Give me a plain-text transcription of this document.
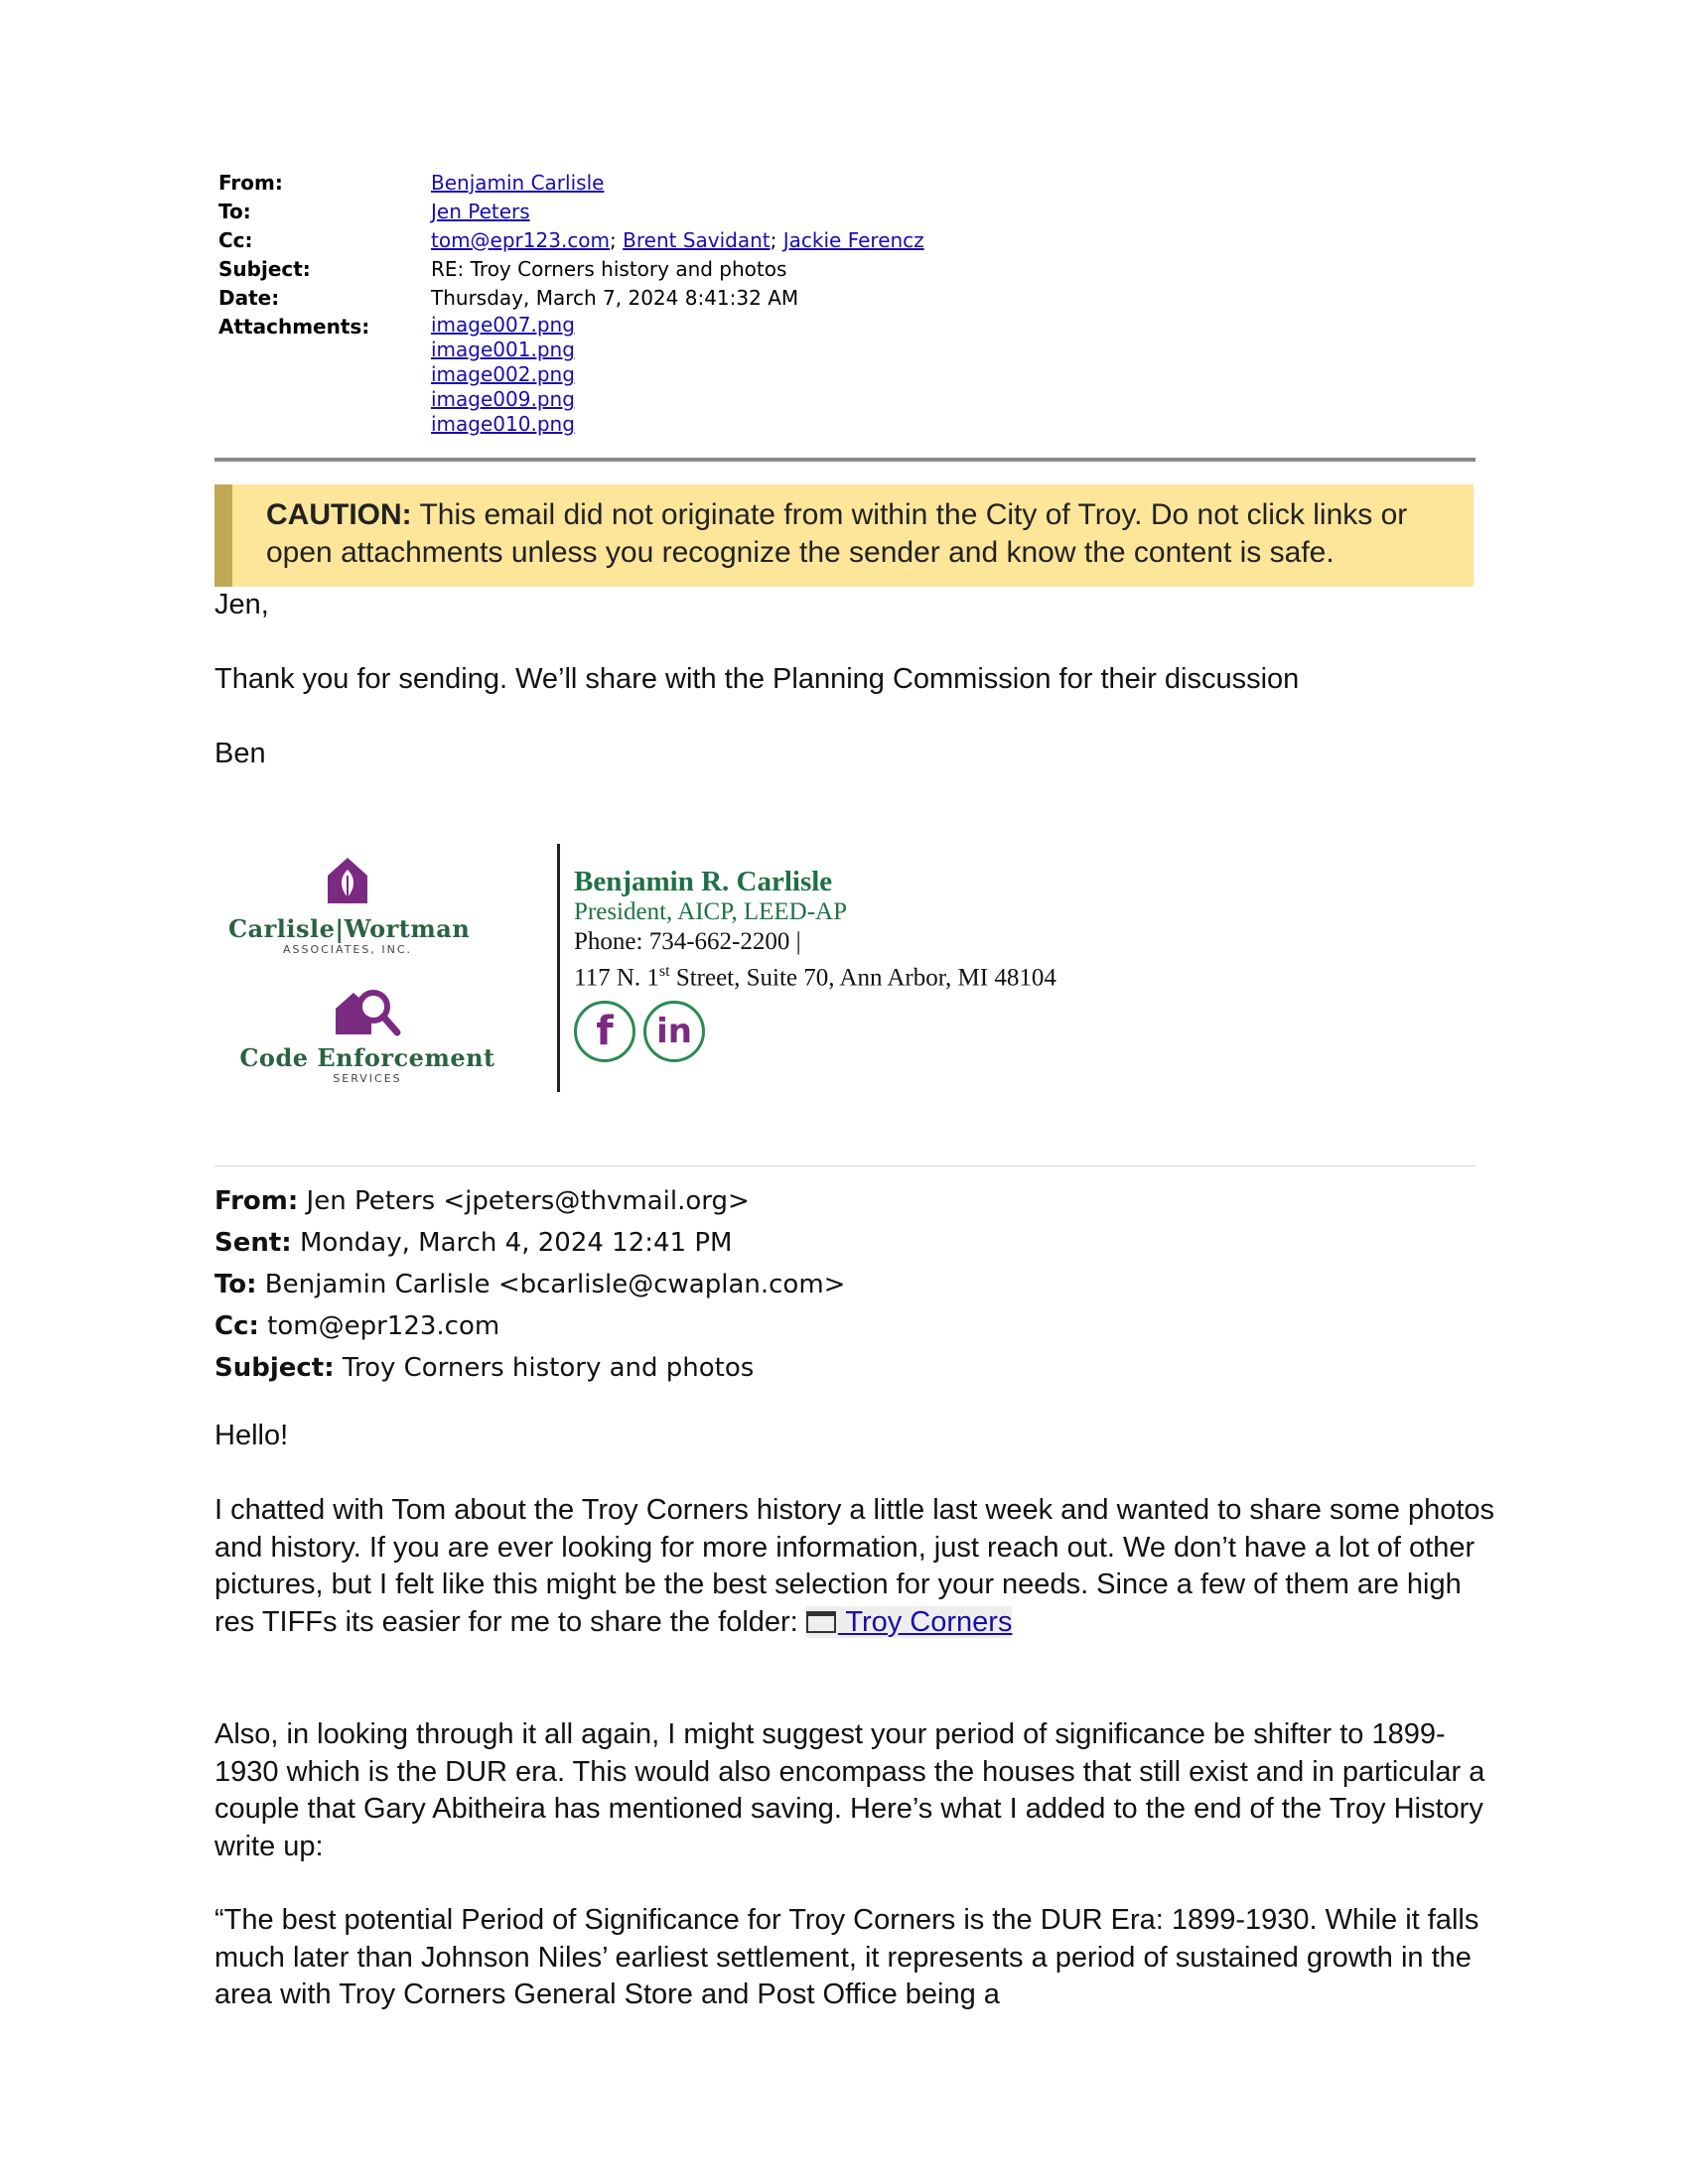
From:	Benjamin Carlisle
To:	Jen Peters
Cc:	tom@epr123.com; Brent Savidant; Jackie Ferencz
Subject:	RE: Troy Corners history and photos
Date:	Thursday, March 7, 2024 8:41:32 AM
Attachments:	image007.png
image001.png
image002.png
image009.png
image010.png
CAUTION: This email did not originate from within the City of Troy. Do not click links or open attachments unless you recognize the sender and know the content is safe.
Jen,
Thank you for sending. We’ll share with the Planning Commission for their discussion
Ben
Carlisle|Wortman
ASSOCIATES, INC.
Code Enforcement
SERVICES
Benjamin R. Carlisle
President, AICP, LEED-AP
Phone: 734-662-2200 |
117 N. 1st Street, Suite 70, Ann Arbor, MI 48104
f in
From: Jen Peters <jpeters@thvmail.org>
Sent: Monday, March 4, 2024 12:41 PM
To: Benjamin Carlisle <bcarlisle@cwaplan.com>
Cc: tom@epr123.com
Subject: Troy Corners history and photos
Hello!
I chatted with Tom about the Troy Corners history a little last week and wanted to share some photos and history. If you are ever looking for more information, just reach out. We don’t have a lot of other pictures, but I felt like this might be the best selection for your needs. Since a few of them are high res TIFFs its easier for me to share the folder:  Troy Corners
Also, in looking through it all again, I might suggest your period of significance be shifter to 1899-1930 which is the DUR era. This would also encompass the houses that still exist and in particular a couple that Gary Abitheira has mentioned saving. Here’s what I added to the end of the Troy History write up:
“The best potential Period of Significance for Troy Corners is the DUR Era: 1899-1930. While it falls much later than Johnson Niles’ earliest settlement, it represents a period of sustained growth in the area with Troy Corners General Store and Post Office being a
